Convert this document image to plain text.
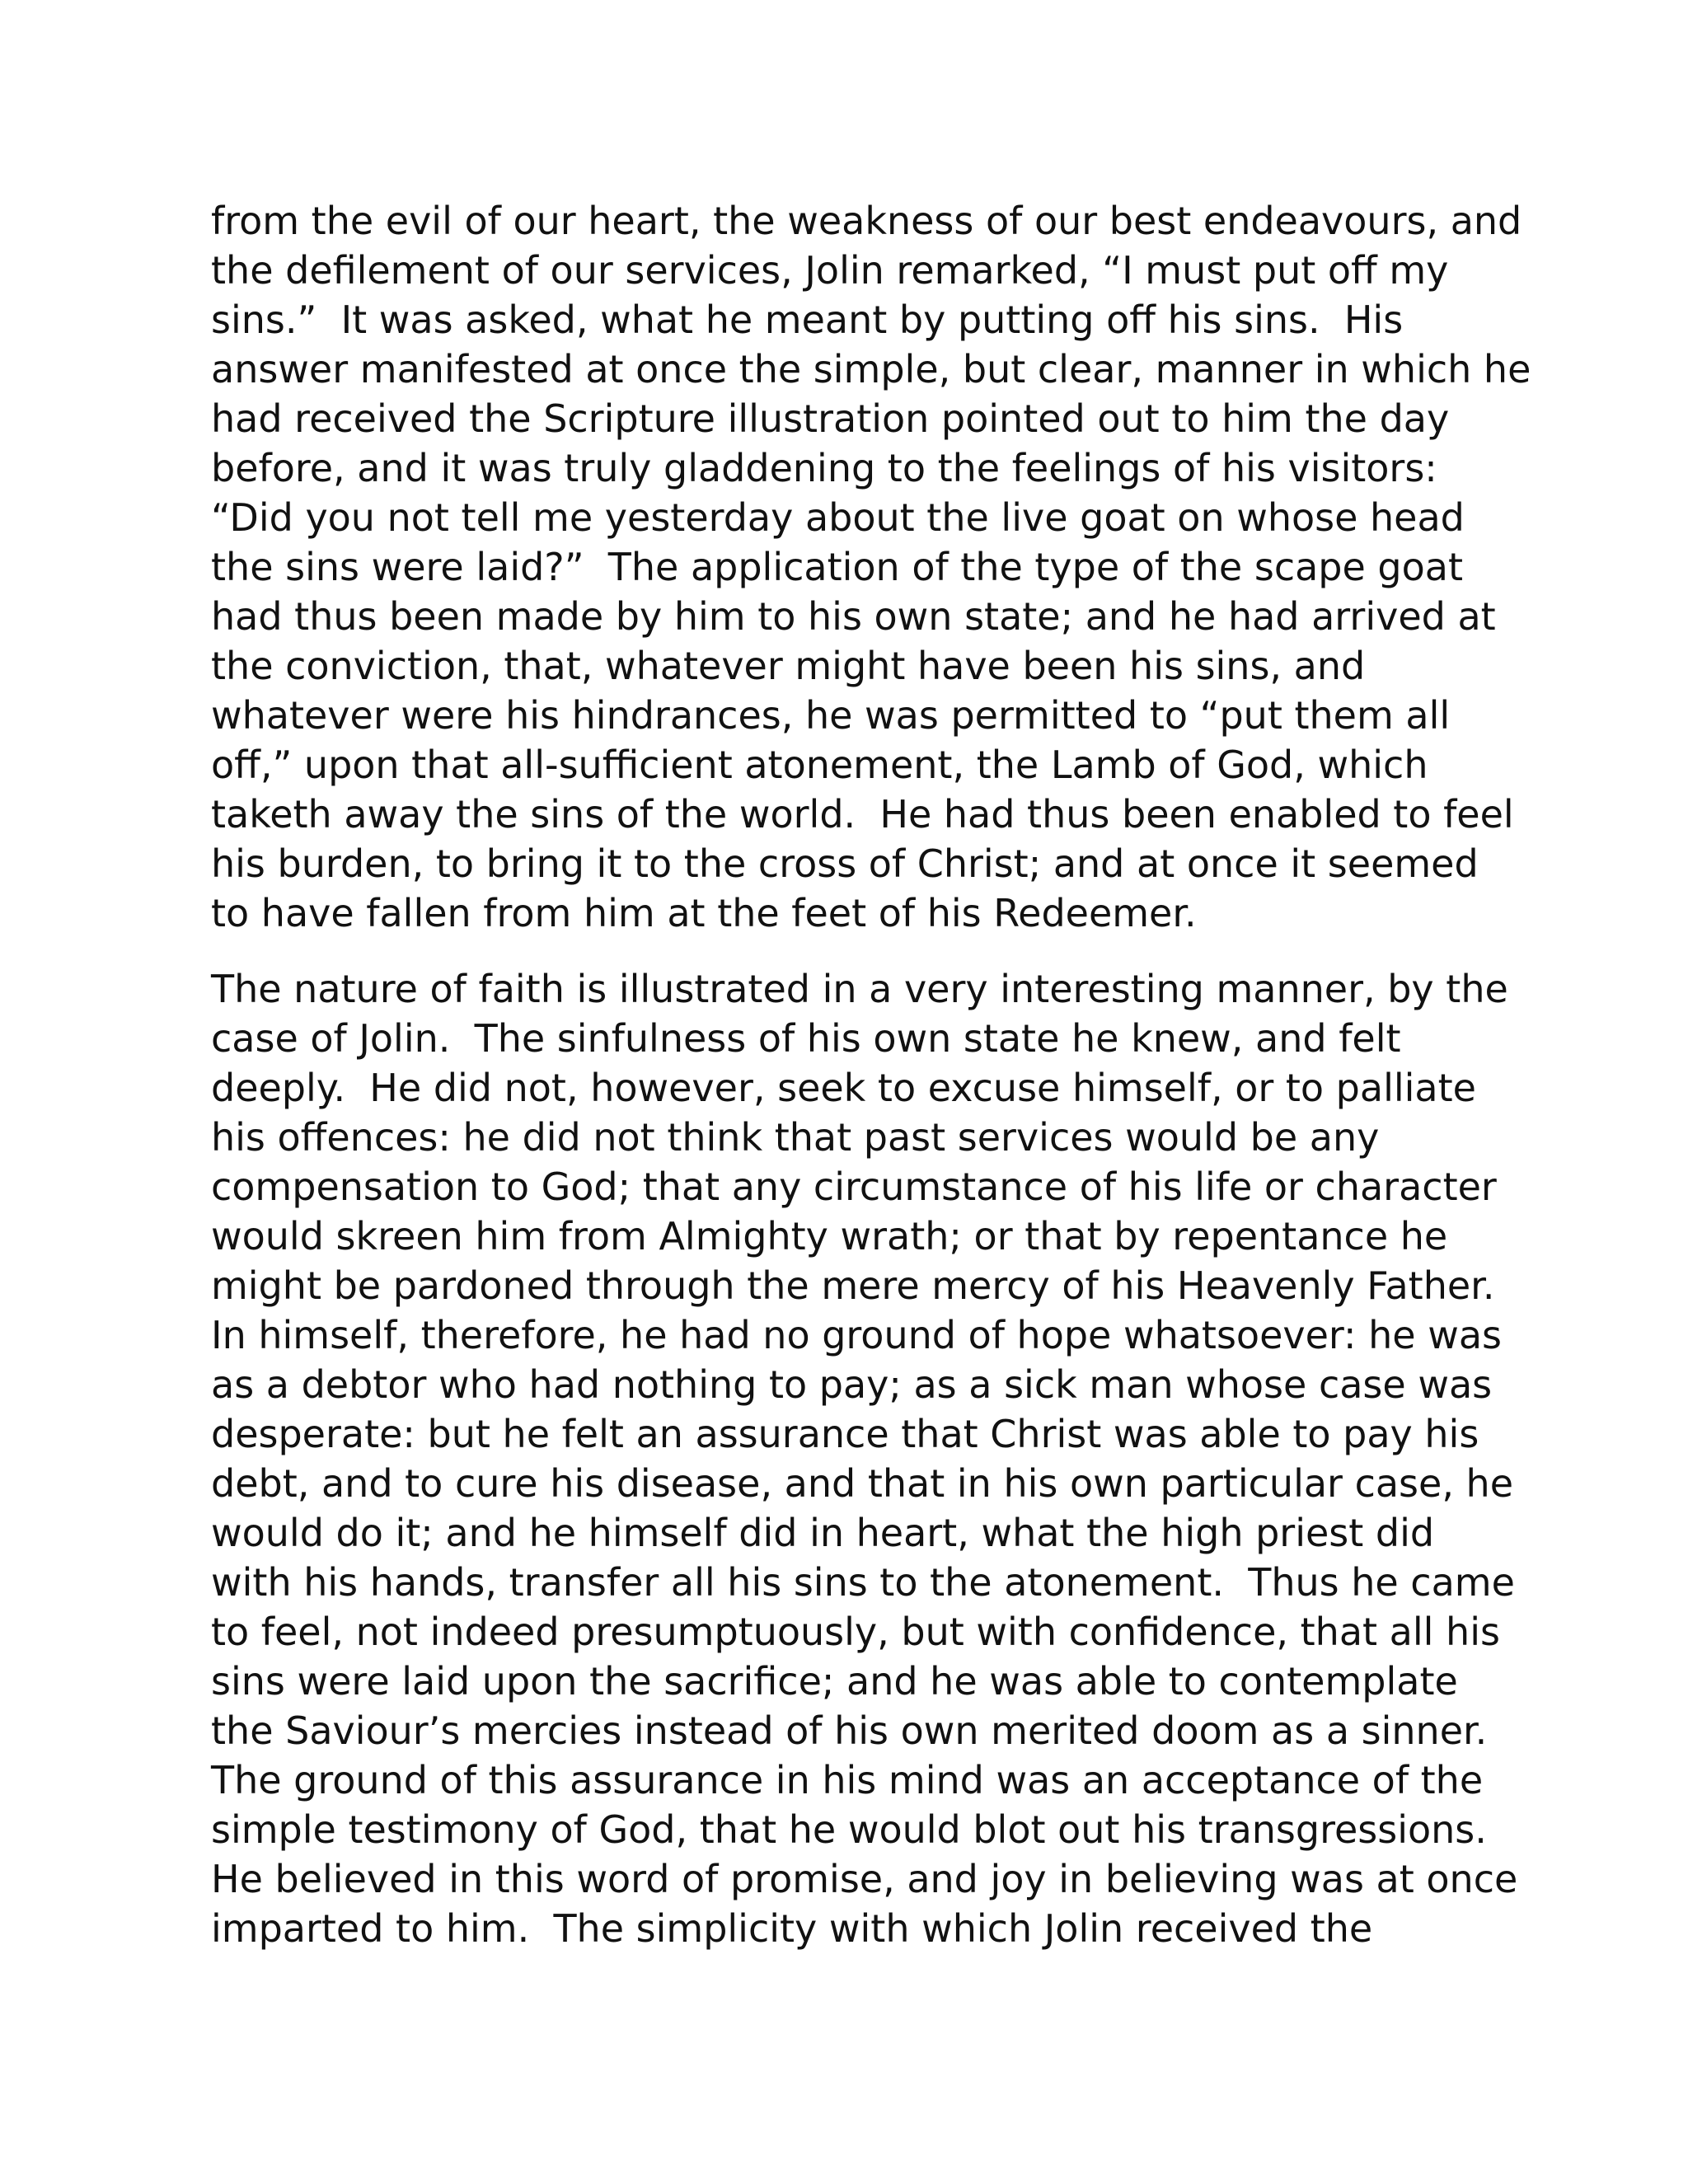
from the evil of our heart, the weakness of our best endeavours, and
the defilement of our services, Jolin remarked, “I must put off my
sins.”  It was asked, what he meant by putting off his sins.  His
answer manifested at once the simple, but clear, manner in which he
had received the Scripture illustration pointed out to him the day
before, and it was truly gladdening to the feelings of his visitors:
“Did you not tell me yesterday about the live goat on whose head
the sins were laid?”  The application of the type of the scape goat
had thus been made by him to his own state; and he had arrived at
the conviction, that, whatever might have been his sins, and
whatever were his hindrances, he was permitted to “put them all
off,” upon that all-sufficient atonement, the Lamb of God, which
taketh away the sins of the world.  He had thus been enabled to feel
his burden, to bring it to the cross of Christ; and at once it seemed
to have fallen from him at the feet of his Redeemer.
The nature of faith is illustrated in a very interesting manner, by the
case of Jolin.  The sinfulness of his own state he knew, and felt
deeply.  He did not, however, seek to excuse himself, or to palliate
his offences: he did not think that past services would be any
compensation to God; that any circumstance of his life or character
would skreen him from Almighty wrath; or that by repentance he
might be pardoned through the mere mercy of his Heavenly Father.
In himself, therefore, he had no ground of hope whatsoever: he was
as a debtor who had nothing to pay; as a sick man whose case was
desperate: but he felt an assurance that Christ was able to pay his
debt, and to cure his disease, and that in his own particular case, he
would do it; and he himself did in heart, what the high priest did
with his hands, transfer all his sins to the atonement.  Thus he came
to feel, not indeed presumptuously, but with confidence, that all his
sins were laid upon the sacrifice; and he was able to contemplate
the Saviour’s mercies instead of his own merited doom as a sinner.
The ground of this assurance in his mind was an acceptance of the
simple testimony of God, that he would blot out his transgressions.
He believed in this word of promise, and joy in believing was at once
imparted to him.  The simplicity with which Jolin received the
